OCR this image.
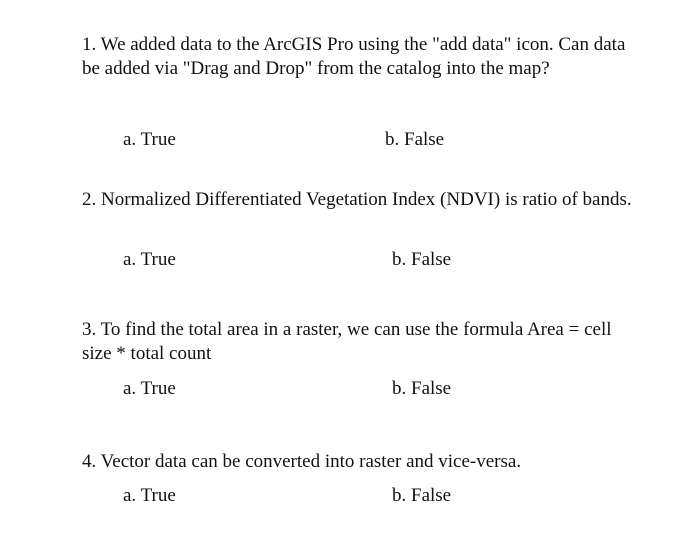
1. We added data to the ArcGIS Pro using the "add data" icon. Can data be added via "Drag and Drop" from the catalog into the map?

a. True	b. False

2. Normalized Differentiated Vegetation Index (NDVI) is ratio of bands.

a. True	b. False

3. To find the total area in a raster, we can use the formula Area = cell size * total count

a. True	b. False

4. Vector data can be converted into raster and vice-versa.

a. True	b. False
